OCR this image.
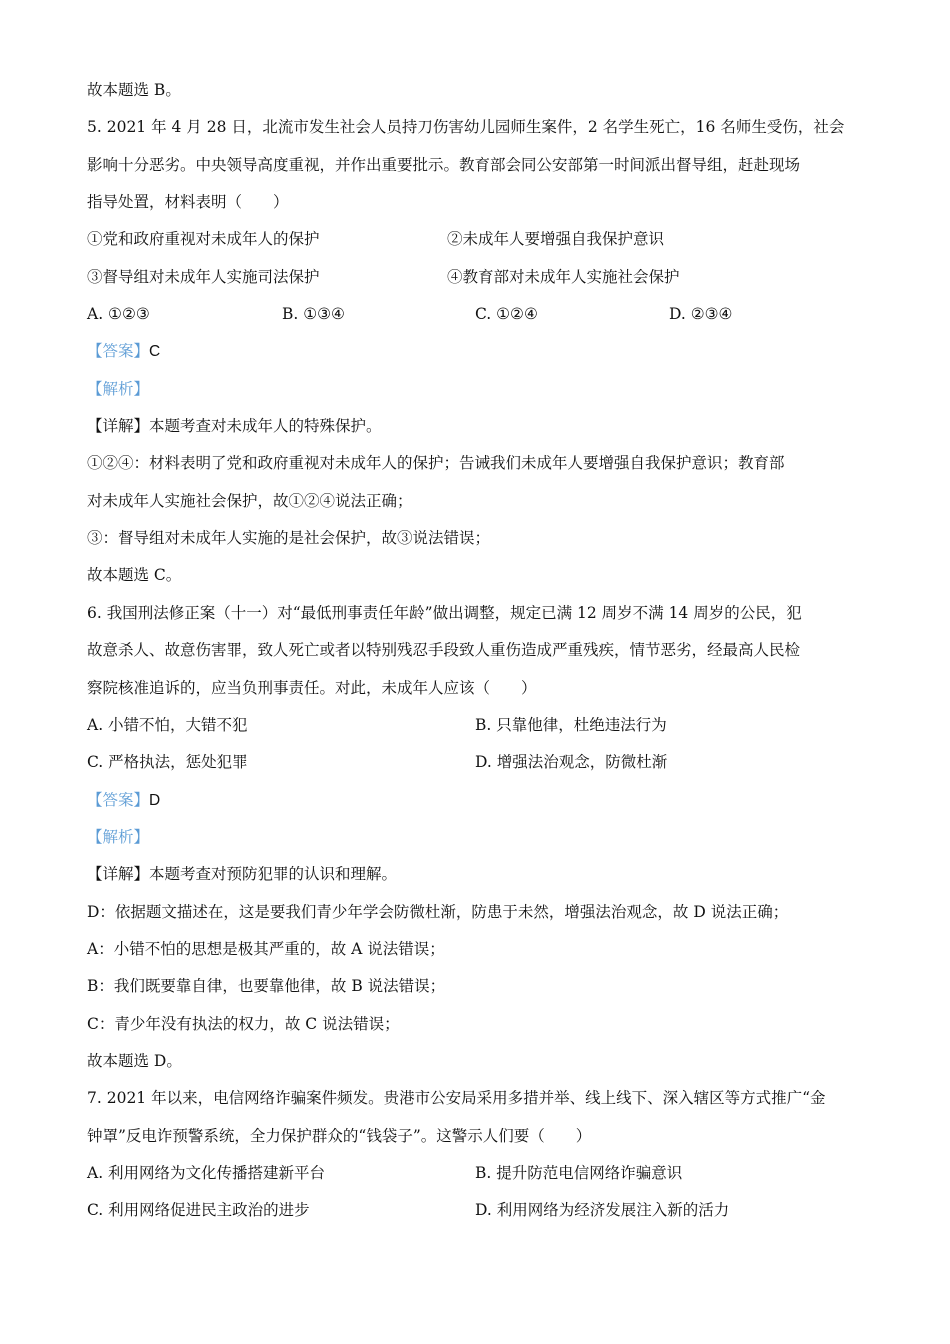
故本题选 B。
5. 2021 年 4 月 28 日，北流市发生社会人员持刀伤害幼儿园师生案件，2 名学生死亡，16 名师生受伤，社会
影响十分恶劣。中央领导高度重视，并作出重要批示。教育部会同公安部第一时间派出督导组，赶赴现场
指导处置，材料表明（　　）
①党和政府重视对未成年人的保护	②未成年人要增强自我保护意识
③督导组对未成年人实施司法保护	④教育部对未成年人实施社会保护
A. ①②③	B. ①③④	C. ①②④	D. ②③④
【答案】C
【解析】
【详解】本题考查对未成年人的特殊保护。
①②④：材料表明了党和政府重视对未成年人的保护；告诫我们未成年人要增强自我保护意识；教育部
对未成年人实施社会保护，故①②④说法正确；
③：督导组对未成年人实施的是社会保护，故③说法错误；
故本题选 C。
6. 我国刑法修正案（十一）对“最低刑事责任年龄”做出调整，规定已满 12 周岁不满 14 周岁的公民，犯
故意杀人、故意伤害罪，致人死亡或者以特别残忍手段致人重伤造成严重残疾，情节恶劣，经最高人民检
察院核准追诉的，应当负刑事责任。对此，未成年人应该（　　）
A. 小错不怕，大错不犯	B. 只靠他律，杜绝违法行为
C. 严格执法，惩处犯罪	D. 增强法治观念，防微杜渐
【答案】D
【解析】
【详解】本题考查对预防犯罪的认识和理解。
D：依据题文描述在，这是要我们青少年学会防微杜渐，防患于未然，增强法治观念，故 D 说法正确；
A：小错不怕的思想是极其严重的，故 A 说法错误；
B：我们既要靠自律，也要靠他律，故 B 说法错误；
C：青少年没有执法的权力，故 C 说法错误；
故本题选 D。
7. 2021 年以来，电信网络诈骗案件频发。贵港市公安局采用多措并举、线上线下、深入辖区等方式推广“金
钟罩”反电诈预警系统，全力保护群众的“钱袋子”。这警示人们要（　　）
A. 利用网络为文化传播搭建新平台	B. 提升防范电信网络诈骗意识
C. 利用网络促进民主政治的进步	D. 利用网络为经济发展注入新的活力
